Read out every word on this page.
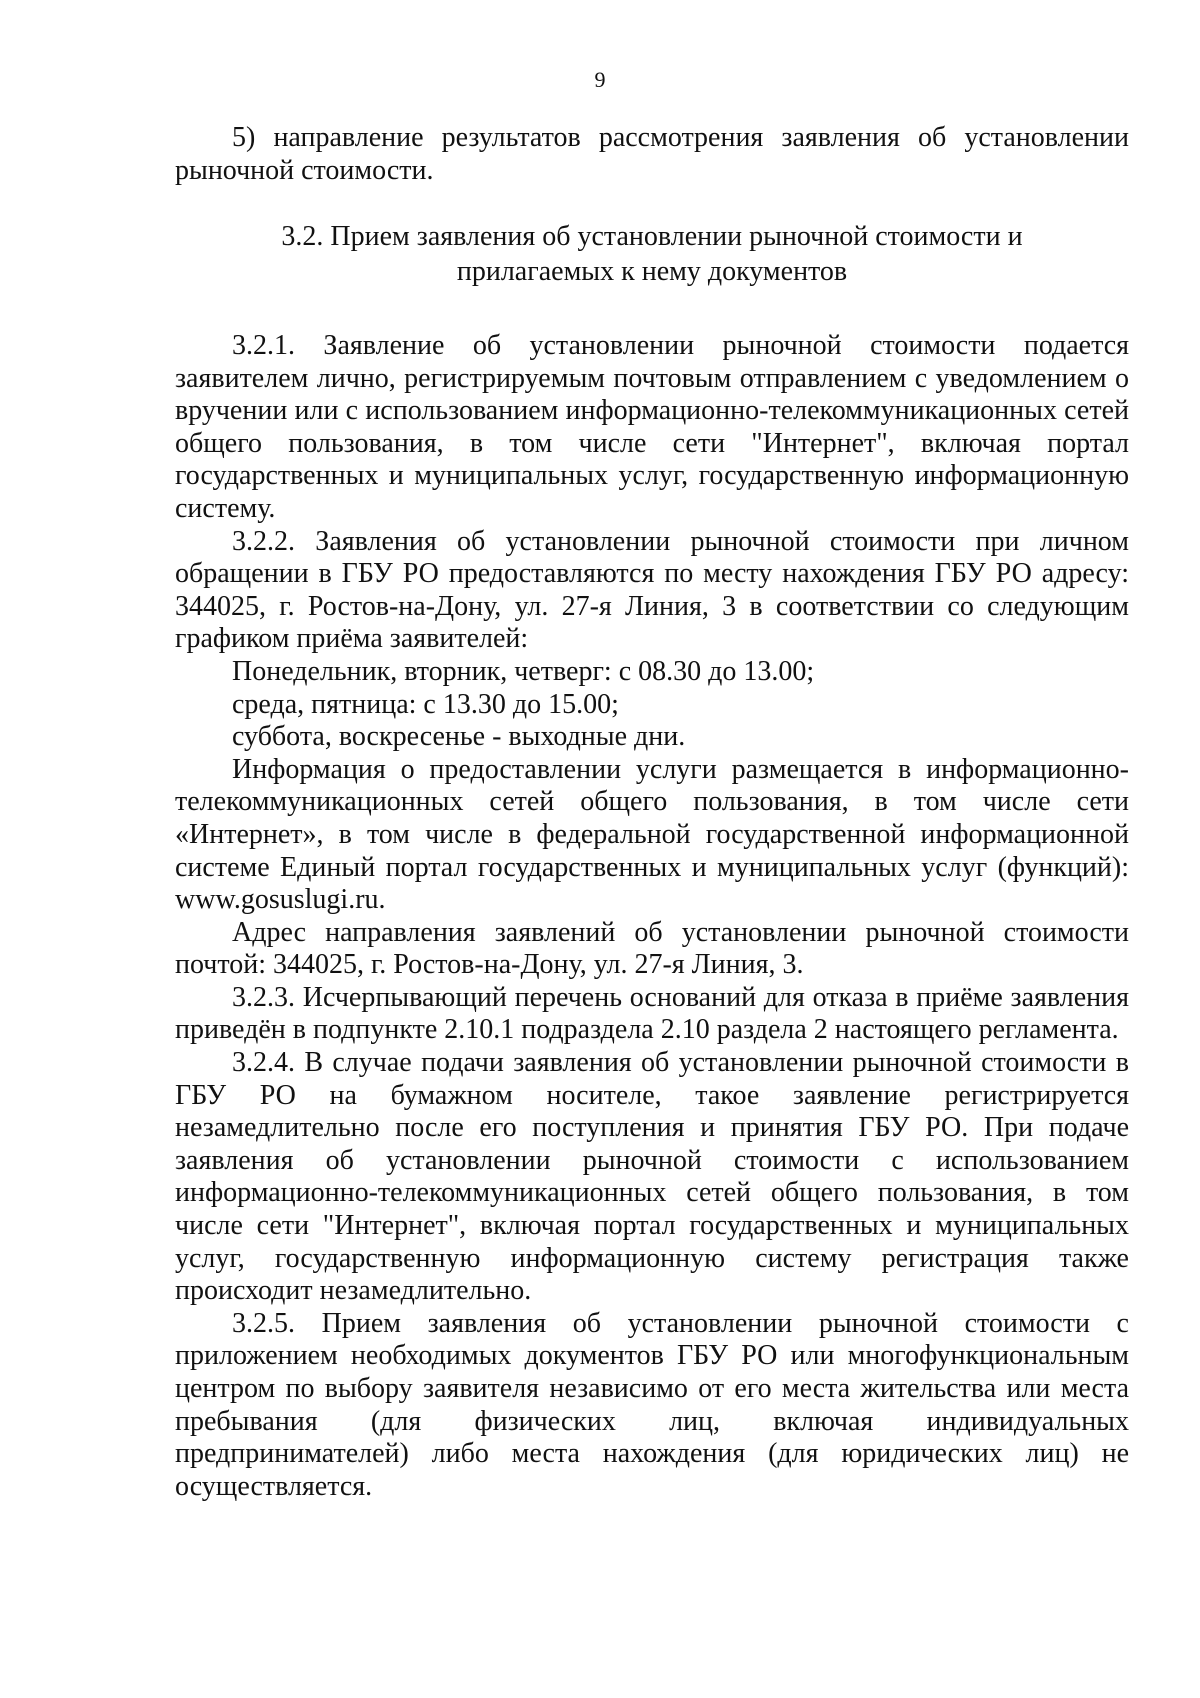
9

5) направление результатов рассмотрения заявления об установлении рыночной стоимости.

3.2. Прием заявления об установлении рыночной стоимости и
прилагаемых к нему документов

3.2.1. Заявление об установлении рыночной стоимости подается заявителем лично, регистрируемым почтовым отправлением с уведомлением о вручении или с использованием информационно-телекоммуникационных сетей общего пользования, в том числе сети "Интернет", включая портал государственных и муниципальных услуг, государственную информационную систему.

3.2.2. Заявления об установлении рыночной стоимости при личном обращении в ГБУ РО предоставляются по месту нахождения ГБУ РО адресу: 344025, г. Ростов-на-Дону, ул. 27-я Линия, 3 в соответствии со следующим графиком приёма заявителей:

Понедельник, вторник, четверг: с 08.30 до 13.00;

среда, пятница: с 13.30 до 15.00;

суббота, воскресенье - выходные дни.

Информация о предоставлении услуги размещается в информационно-телекоммуникационных сетей общего пользования, в том числе сети «Интернет», в том числе в федеральной государственной информационной системе Единый портал государственных и муниципальных услуг (функций): www.gosuslugi.ru.

Адрес направления заявлений об установлении рыночной стоимости почтой: 344025, г. Ростов-на-Дону, ул. 27-я Линия, 3.

3.2.3. Исчерпывающий перечень оснований для отказа в приёме заявления приведён в подпункте 2.10.1 подраздела 2.10 раздела 2 настоящего регламента.

3.2.4. В случае подачи заявления об установлении рыночной стоимости в ГБУ РО на бумажном носителе, такое заявление регистрируется незамедлительно после его поступления и принятия ГБУ РО. При подаче заявления об установлении рыночной стоимости с использованием информационно-телекоммуникационных сетей общего пользования, в том числе сети "Интернет", включая портал государственных и муниципальных услуг, государственную информационную систему регистрация также происходит незамедлительно.

3.2.5. Прием заявления об установлении рыночной стоимости с приложением необходимых документов ГБУ РО или многофункциональным центром по выбору заявителя независимо от его места жительства или места пребывания (для физических лиц, включая индивидуальных предпринимателей) либо места нахождения (для юридических лиц) не осуществляется.
